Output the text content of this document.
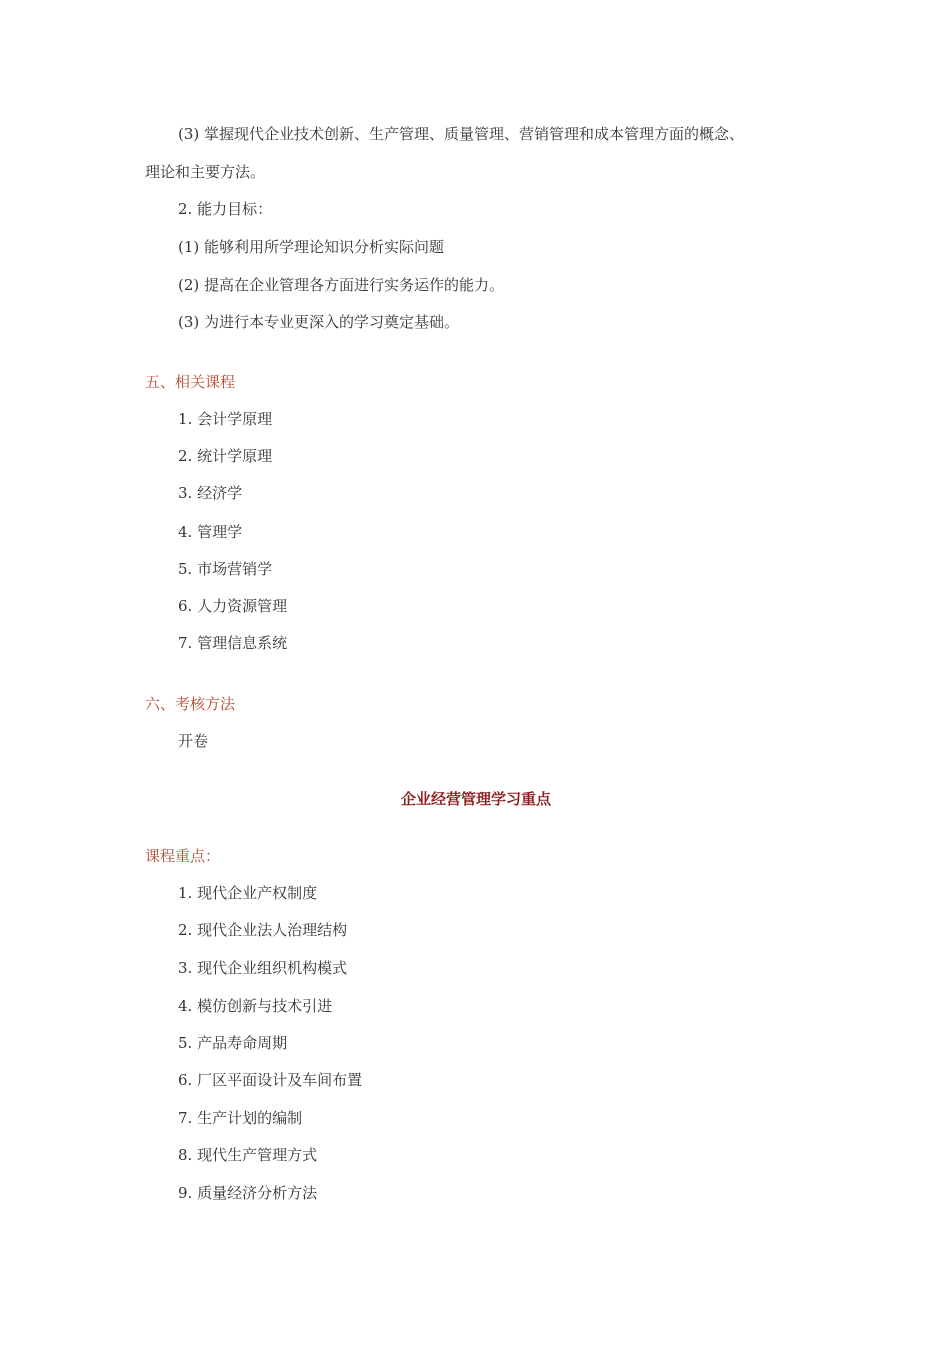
(3) 掌握现代企业技术创新、生产管理、质量管理、营销管理和成本管理方面的概念、
理论和主要方法。
2. 能力目标：
(1) 能够利用所学理论知识分析实际问题
(2) 提高在企业管理各方面进行实务运作的能力。
(3) 为进行本专业更深入的学习奠定基础。
五、相关课程
1. 会计学原理
2. 统计学原理
3. 经济学
4. 管理学
5. 市场营销学
6. 人力资源管理
7. 管理信息系统
六、考核方法
开卷
企业经营管理学习重点
课程重点：
1. 现代企业产权制度
2. 现代企业法人治理结构
3. 现代企业组织机构模式
4. 模仿创新与技术引进
5. 产品寿命周期
6. 厂区平面设计及车间布置
7. 生产计划的编制
8. 现代生产管理方式
9. 质量经济分析方法
